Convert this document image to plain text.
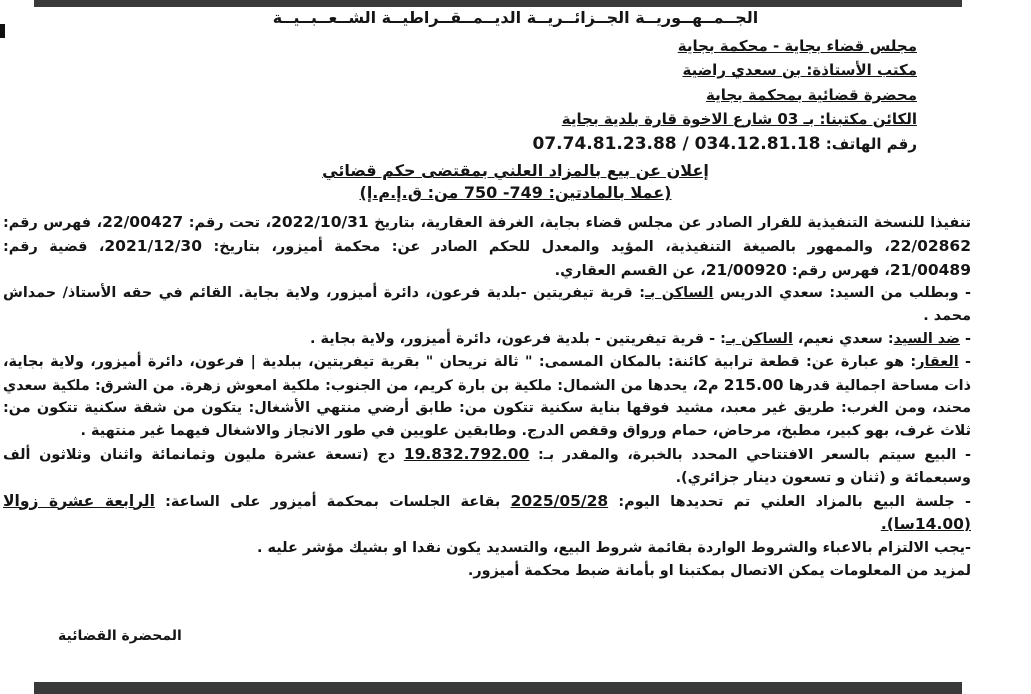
الجــمــهــوريــة الجــزائــريــة الديــمــقــراطيــة الشــعــبــيــة
مجلس قضاء بجاية - محكمة بجاية
مكتب الأستاذة: بن سعدي راضية
محضرة قضائية بمحكمة بجاية
الكائن مكتبنا: بـ 03 شارع الاخوة قارة بلدية بجاية
رقم الهاتف: 07.74.81.23.88 / 034.12.81.18
إعلان عن بيع بالمزاد العلني بمقتضى حكم قضائي
(عملا بالمادتين: 749- 750 من: ق.إ.م.إ)

تنفيذا للنسخة التنفيذية للقرار الصادر عن مجلس قضاء بجاية، الغرفة العقارية، بتاريخ 2022/10/31، تحت رقم: 22/00427، فهرس رقم: 22/02862، والممهور بالصيغة التنفيذية، المؤيد والمعدل للحكم الصادر عن: محكمة أميزور، بتاريخ: 2021/12/30، قضية رقم: 21/00489، فهرس رقم: 21/00920، عن القسم العقاري.

- وبطلب من السيد: سعدي الدريس الساكن بـ: قرية تيفريتين -بلدية فرعون، دائرة أميزور، ولاية بجاية. القائم في حقه الأستاذ/ حمداش محمد .

- ضد السيد: سعدي نعيم، الساكن بـ: - قرية تيفريتين - بلدية فرعون، دائرة أميزور، ولاية بجاية .

- العقار: هو عبارة عن: قطعة ترابية كائنة: بالمكان المسمى: " ثالة نريحان " بقرية تيفريتين، ببلدية | فرعون، دائرة أميزور، ولاية بجاية، ذات مساحة اجمالية قدرها 215.00 م2، يحدها من الشمال: ملكية بن بارة كريم، من الجنوب: ملكية امعوش زهرة. من الشرق: ملكية سعدي محند، ومن الغرب: طريق غير معبد، مشيد فوقها بناية سكنية تتكون من: طابق أرضي منتهي الأشغال: يتكون من شقة سكنية تتكون من: ثلاث غرف، بهو كبير، مطبخ، مرحاض، حمام ورواق وقفص الدرج. وطابقين علويين في طور الانجاز والاشغال فيهما غير منتهية .

- البيع سيتم بالسعر الافتتاحي المحدد بالخبرة، والمقدر بـ: 19.832.792.00 دج (تسعة عشرة مليون وثمانمائة واثنان وثلاثون ألف وسبعمائة و (ثنان و تسعون دينار جزائري).

- جلسة البيع بالمزاد العلني تم تحديدها اليوم: 2025/05/28 بقاعة الجلسات بمحكمة أميزور على الساعة: الرابعة عشرة زوالا (14.00سا).

-يجب الالتزام بالاعباء والشروط الواردة بقائمة شروط البيع، والتسديد يكون نقدا او بشيك مؤشر عليه .

لمزيد من المعلومات يمكن الاتصال بمكتبنا او بأمانة ضبط محكمة أميزور.

المحضرة القضائية
